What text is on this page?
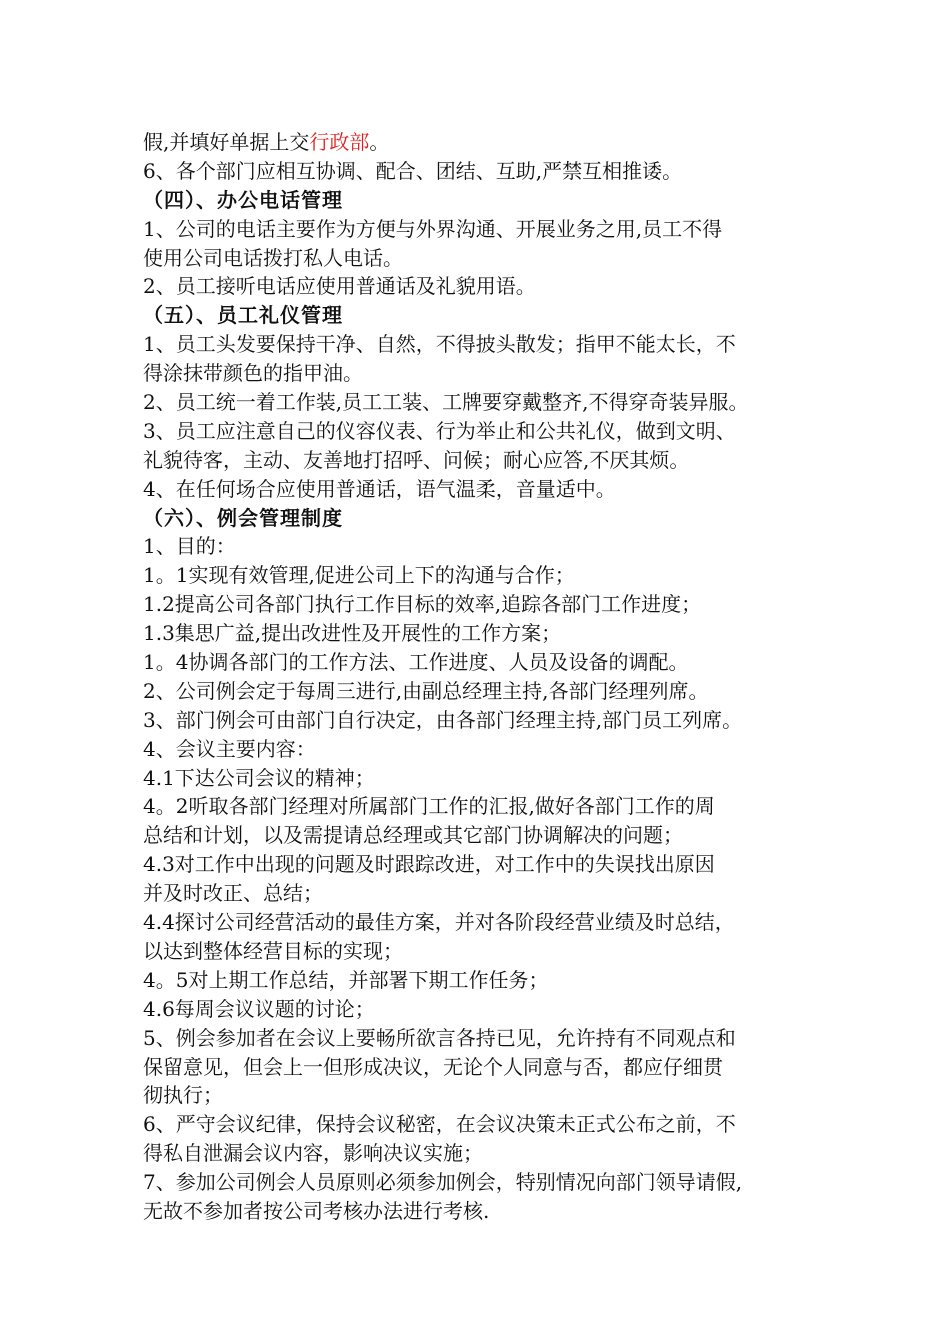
假,并填好单据上交行政部。
6、各个部门应相互协调、配合、团结、互助,严禁互相推诿。
（四）、办公电话管理
1、公司的电话主要作为方便与外界沟通、开展业务之用,员工不得
使用公司电话拨打私人电话。
2、员工接听电话应使用普通话及礼貌用语。
（五）、员工礼仪管理
1、员工头发要保持干净、自然，不得披头散发；指甲不能太长，不
得涂抹带颜色的指甲油。
2、员工统一着工作装,员工工装、工牌要穿戴整齐,不得穿奇装异服。
3、员工应注意自己的仪容仪表、行为举止和公共礼仪，做到文明、
礼貌待客，主动、友善地打招呼、问候；耐心应答,不厌其烦。
4、在任何场合应使用普通话，语气温柔，音量适中。
（六）、例会管理制度
1、目的：
1。1实现有效管理,促进公司上下的沟通与合作；
1.2提高公司各部门执行工作目标的效率,追踪各部门工作进度；
1.3集思广益,提出改进性及开展性的工作方案；
1。4协调各部门的工作方法、工作进度、人员及设备的调配。
2、公司例会定于每周三进行,由副总经理主持,各部门经理列席。
3、部门例会可由部门自行决定，由各部门经理主持,部门员工列席。
4、会议主要内容：
4.1下达公司会议的精神；
4。2听取各部门经理对所属部门工作的汇报,做好各部门工作的周
总结和计划，以及需提请总经理或其它部门协调解决的问题；
4.3对工作中出现的问题及时跟踪改进，对工作中的失误找出原因
并及时改正、总结；
4.4探讨公司经营活动的最佳方案，并对各阶段经营业绩及时总结，
以达到整体经营目标的实现；
4。5对上期工作总结，并部署下期工作任务；
4.6每周会议议题的讨论；
5、例会参加者在会议上要畅所欲言各持已见，允许持有不同观点和
保留意见，但会上一但形成决议，无论个人同意与否，都应仔细贯
彻执行；
6、严守会议纪律，保持会议秘密，在会议决策未正式公布之前，不
得私自泄漏会议内容，影响决议实施；
7、参加公司例会人员原则必须参加例会，特别情况向部门领导请假,
无故不参加者按公司考核办法进行考核.
